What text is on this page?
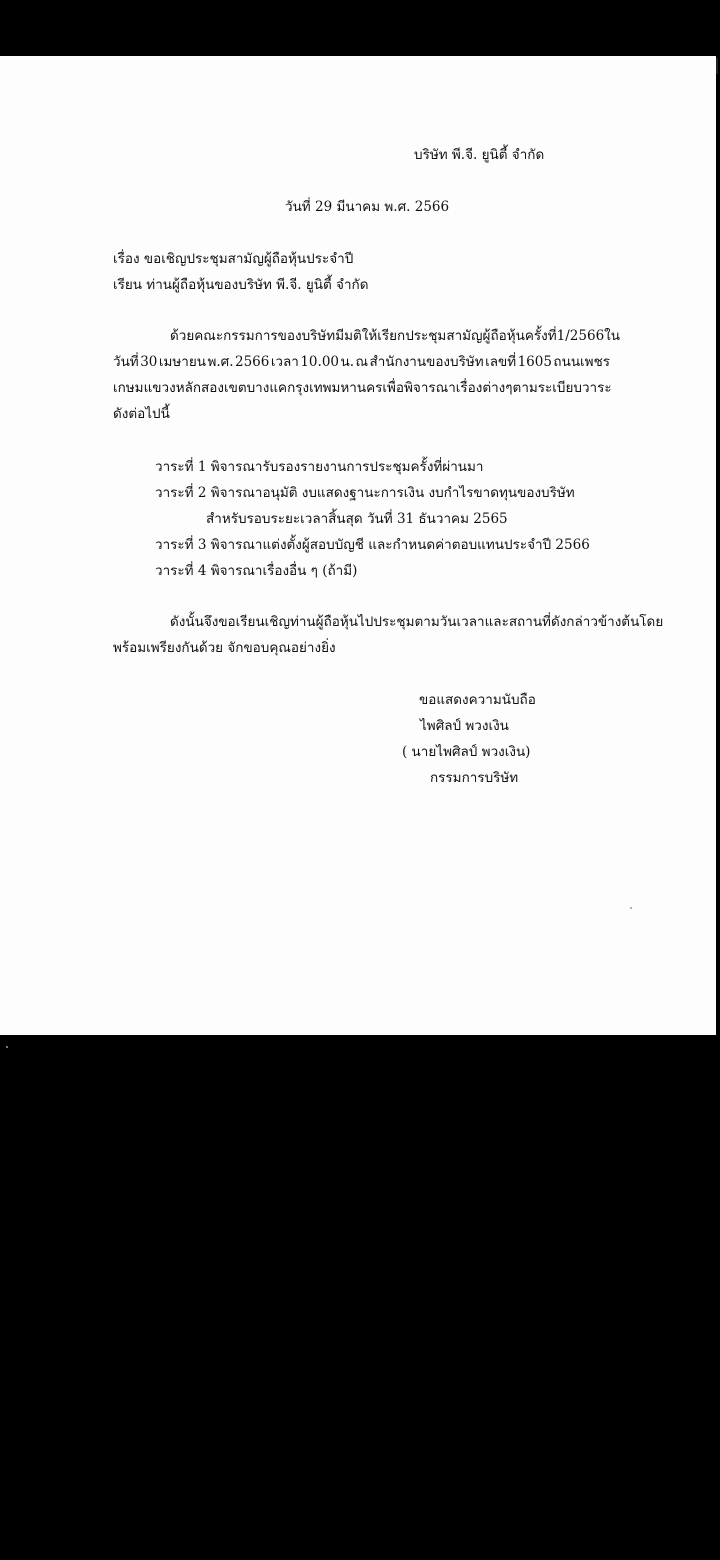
บริษัท พี.จี. ยูนิตี้ จำกัด
วันที่ 29 มีนาคม พ.ศ. 2566
เรื่อง ขอเชิญประชุมสามัญผู้ถือหุ้นประจำปี
เรียน ท่านผู้ถือหุ้นของบริษัท พี.จี. ยูนิตี้ จำกัด
ด้วย คณะกรรมการของบริษัทมีมติให้เรียกประชุมสามัญผู้ถือหุ้น ครั้งที่ 1/2566 ใน
วันที่ 30 เมษายน พ.ศ. 2566 เวลา 10.00 น. ณ สำนักงานของบริษัท เลขที่ 1605 ถนนเพชร
เกษม แขวงหลักสอง เขตบางแค กรุงเทพมหานคร เพื่อพิจารณาเรื่องต่าง ๆ ตามระเบียบวาระ
ดังต่อไปนี้
วาระที่ 1 พิจารณารับรองรายงานการประชุมครั้งที่ผ่านมา
วาระที่ 2 พิจารณาอนุมัติ งบแสดงฐานะการเงิน งบกำไรขาดทุนของบริษัท
สำหรับรอบระยะเวลาสิ้นสุด วันที่ 31 ธันวาคม 2565
วาระที่ 3 พิจารณาแต่งตั้งผู้สอบบัญชี และกำหนดค่าตอบแทนประจำปี 2566
วาระที่ 4 พิจารณาเรื่องอื่น ๆ (ถ้ามี)
ดังนั้น จึงขอเรียนเชิญท่านผู้ถือหุ้นไปประชุมตามวัน เวลา และสถานที่ดังกล่าวข้างต้นโดย
พร้อมเพรียงกันด้วย จักขอบคุณอย่างยิ่ง
ขอแสดงความนับถือ
ไพศิลป์ พวงเงิน
( นายไพศิลป์ พวงเงิน)
กรรมการบริษัท
